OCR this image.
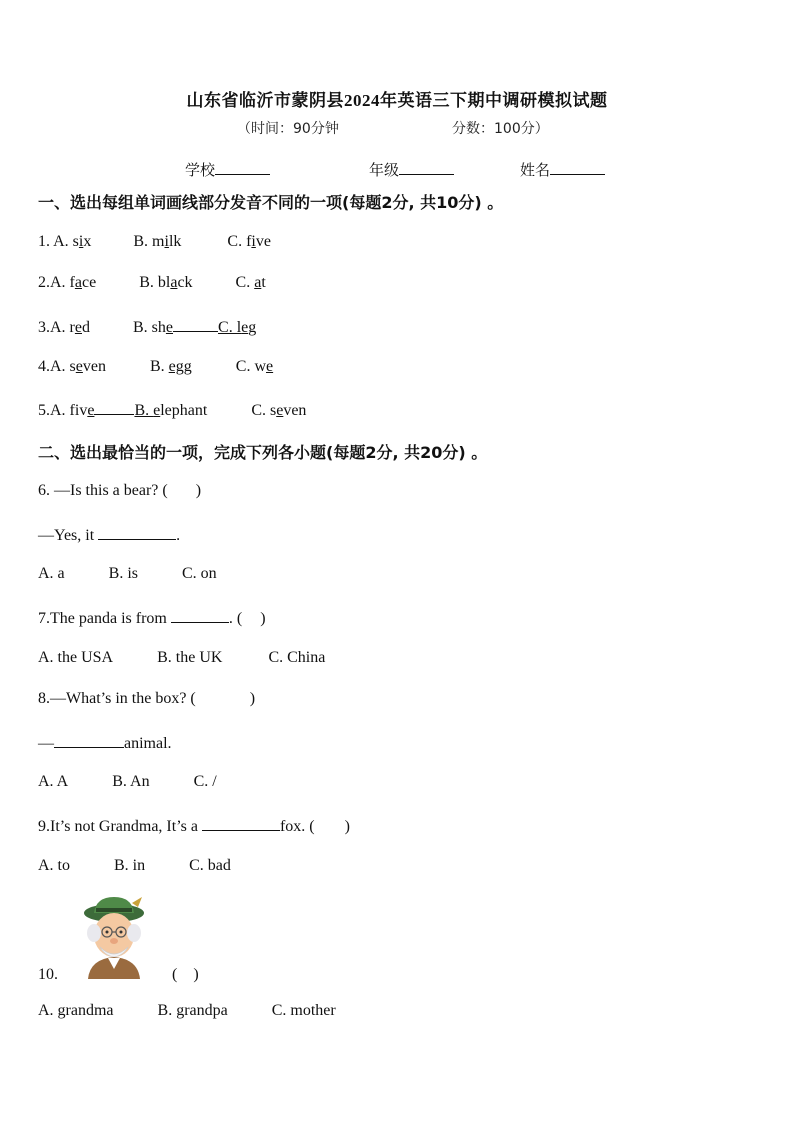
山东省临沂市蒙阴县2024年英语三下期中调研模拟试题
（时间：90分钟	分数：100分）
学校	年级	姓名
一、选出每组单词画线部分发音不同的一项(每题2分, 共10分) 。
1. A. six	B. milk	C. five
2.A. face	B. black	C. at
3.A. red	B. she	C. leg
4.A. seven	B. egg	C. we
5.A. five	B. elephant	C. seven
二、选出最恰当的一项，完成下列各小题(每题2分, 共20分) 。
6. —Is this a bear? ( )
—Yes, it	.
A. a	B. is	C. on
7.The panda is from	. ( )
A. the USA	B. the UK	C. China
8.—What’s in the box? (	)
—	animal.
A. A	B. An	C. /
9.It’s not Grandma, It’s a	fox. ( )
A. to	B. in	C. bad
10.	(　)
A. grandma	B. grandpa	C. mother
